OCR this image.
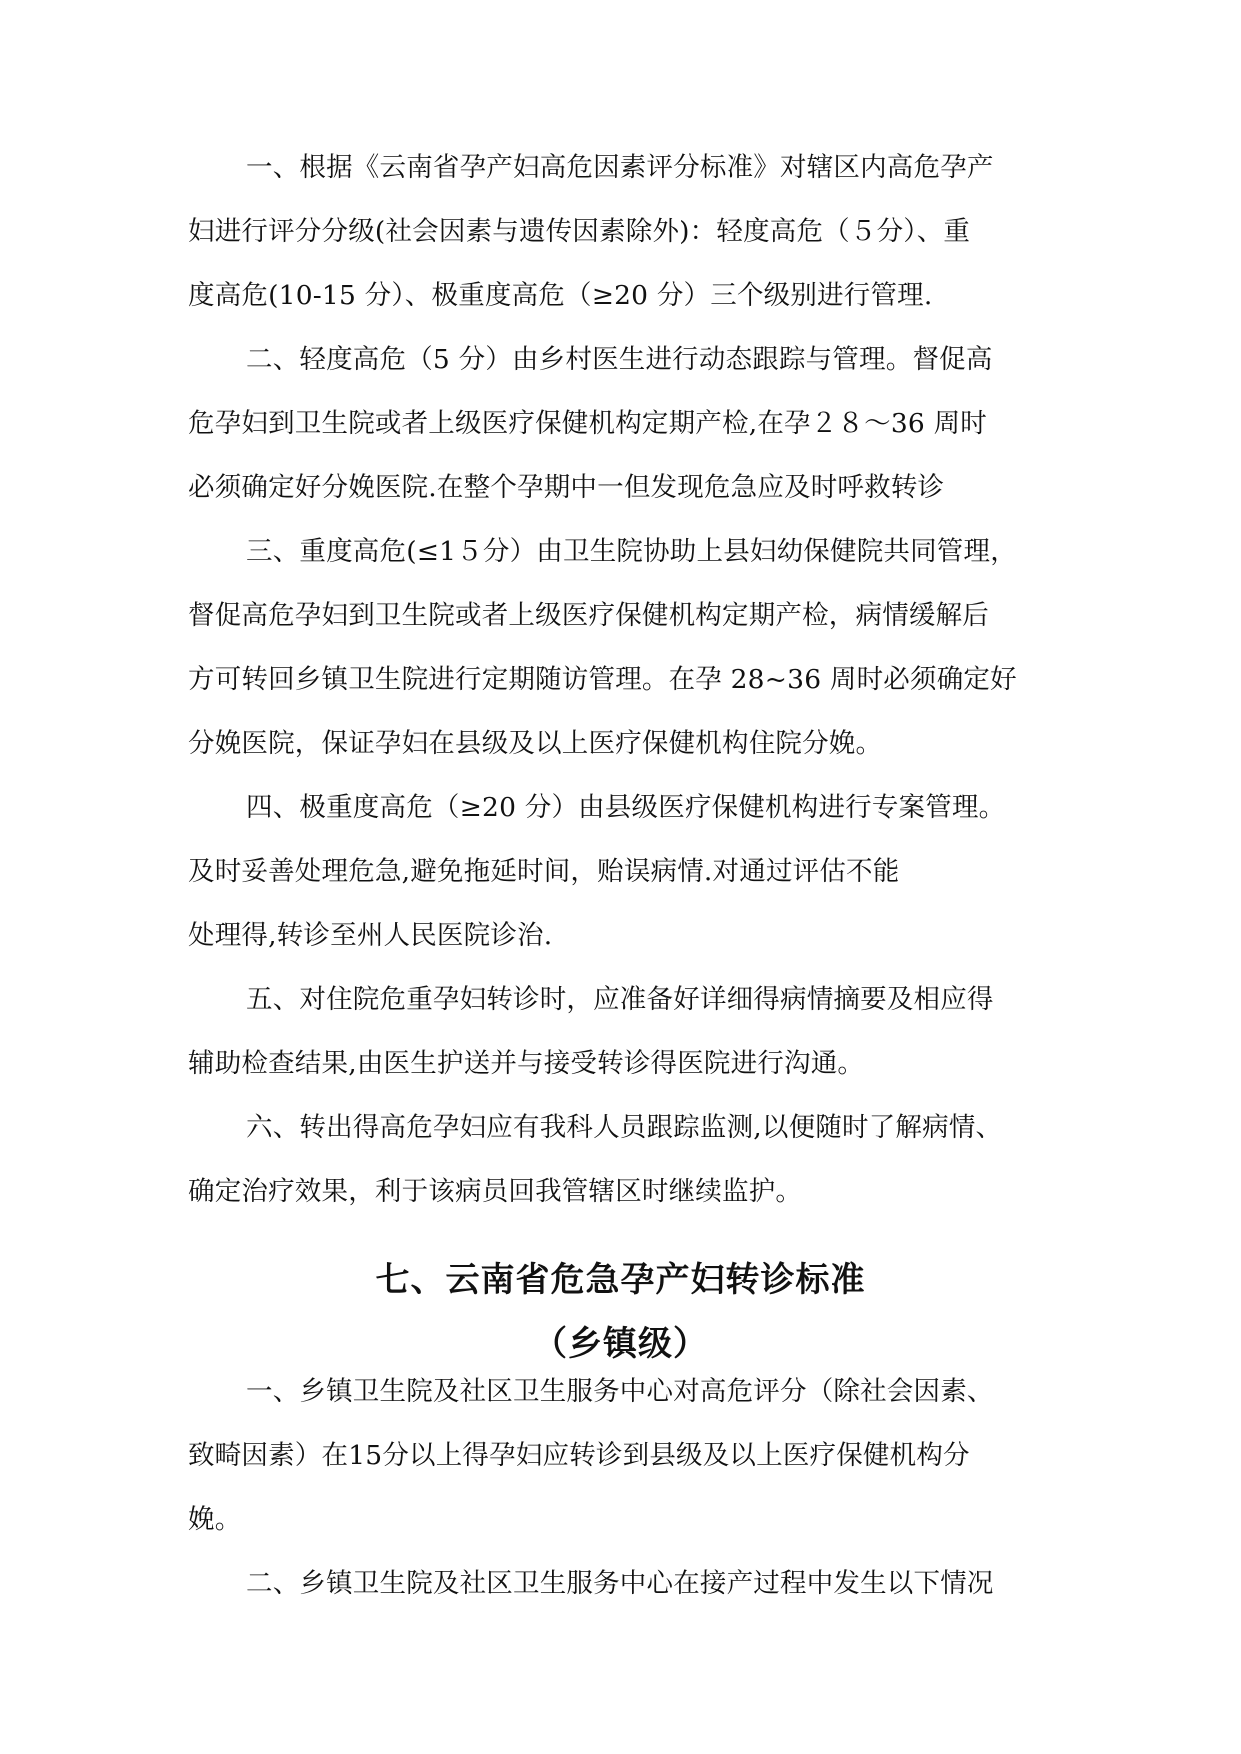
一、根据《云南省孕产妇高危因素评分标准》对辖区内高危孕产
妇进行评分分级(社会因素与遗传因素除外)：轻度高危（５分）、重
度高危(10-15 分）、极重度高危（≥20 分）三个级别进行管理.
二、轻度高危（5 分）由乡村医生进行动态跟踪与管理。督促高
危孕妇到卫生院或者上级医疗保健机构定期产检,在孕２８～36 周时
必须确定好分娩医院.在整个孕期中一但发现危急应及时呼救转诊
三、重度高危(≤1５分）由卫生院协助上县妇幼保健院共同管理，
督促高危孕妇到卫生院或者上级医疗保健机构定期产检，病情缓解后
方可转回乡镇卫生院进行定期随访管理。在孕 28~36 周时必须确定好
分娩医院，保证孕妇在县级及以上医疗保健机构住院分娩。
四、极重度高危（≥20 分）由县级医疗保健机构进行专案管理。
及时妥善处理危急,避免拖延时间，贻误病情.对通过评估不能
处理得,转诊至州人民医院诊治.
五、对住院危重孕妇转诊时，应准备好详细得病情摘要及相应得
辅助检查结果,由医生护送并与接受转诊得医院进行沟通。
六、转出得高危孕妇应有我科人员跟踪监测,以便随时了解病情、
确定治疗效果，利于该病员回我管辖区时继续监护。
七、云南省危急孕产妇转诊标准
（乡镇级）
一、乡镇卫生院及社区卫生服务中心对高危评分（除社会因素、
致畸因素）在15分以上得孕妇应转诊到县级及以上医疗保健机构分
娩。
二、乡镇卫生院及社区卫生服务中心在接产过程中发生以下情况
